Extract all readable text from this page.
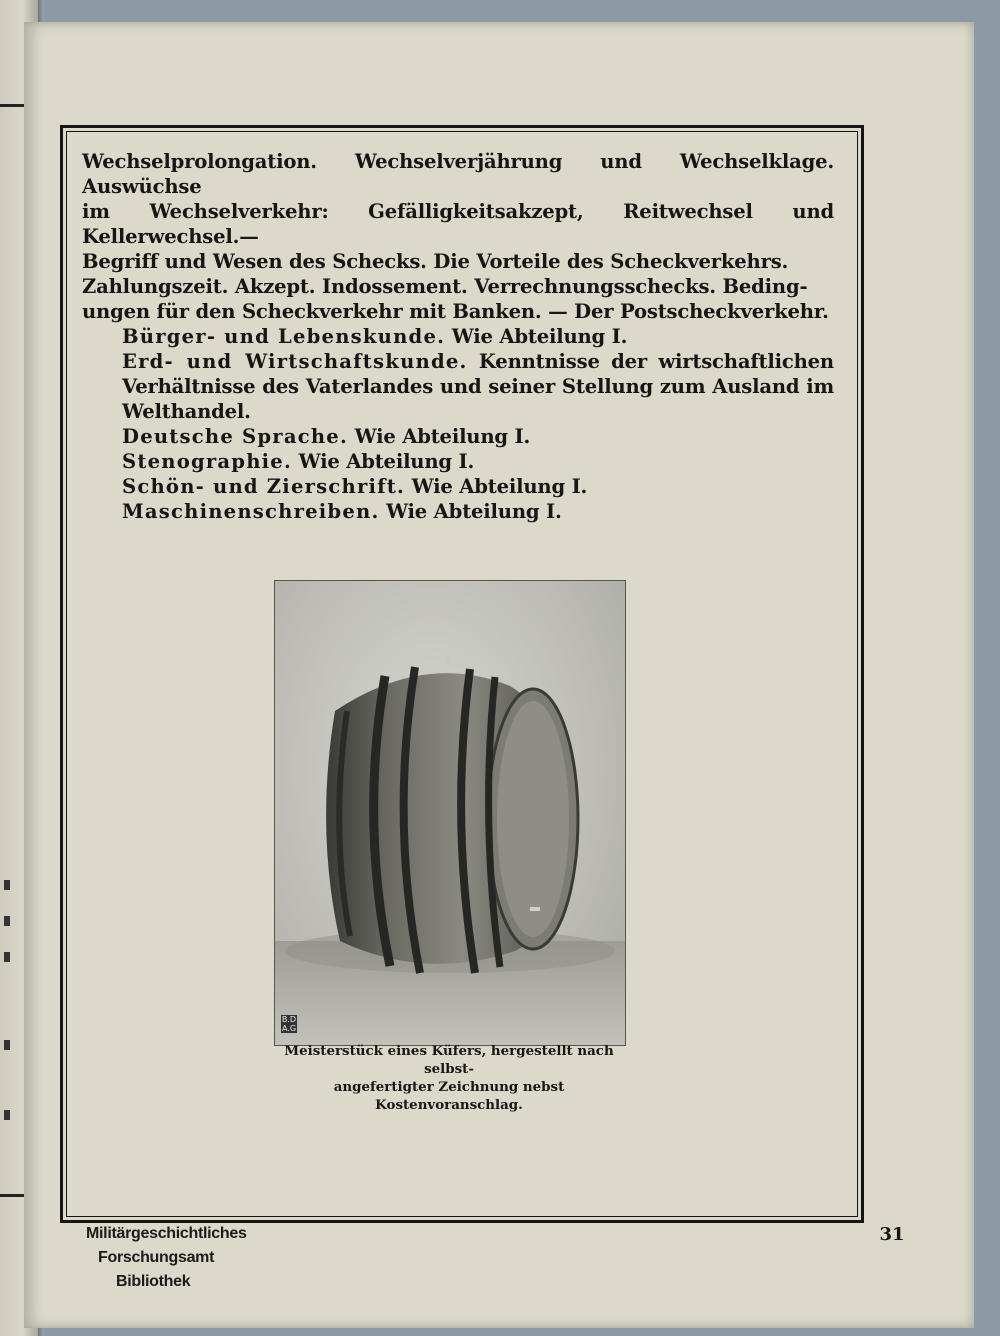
Wechselprolongation. Wechselverjährung und Wechselklage. Auswüchse

im Wechselverkehr: Gefälligkeitsakzept, Reitwechsel und Kellerwechsel.—

Begriff und Wesen des Schecks. Die Vorteile des Scheckverkehrs.

Zahlungszeit. Akzept. Indossement. Verrechnungsschecks. Beding-

ungen für den Scheckverkehr mit Banken. — Der Postscheckverkehr.

Bürger- und Lebenskunde. Wie Abteilung I.

Erd- und Wirtschaftskunde. Kenntnisse der wirtschaftlichen Verhältnisse des Vaterlandes und seiner Stellung zum Ausland im Welthandel.

Deutsche Sprache. Wie Abteilung I.

Stenographie. Wie Abteilung I.

Schön- und Zierschrift. Wie Abteilung I.

Maschinenschreiben. Wie Abteilung I.

B.D
A.G
Meisterstück eines Küfers, hergestellt nach selbst-
angefertigter Zeichnung nebst Kostenvoranschlag.
Militärgeschichtliches
Forschungsamt
Bibliothek
31
